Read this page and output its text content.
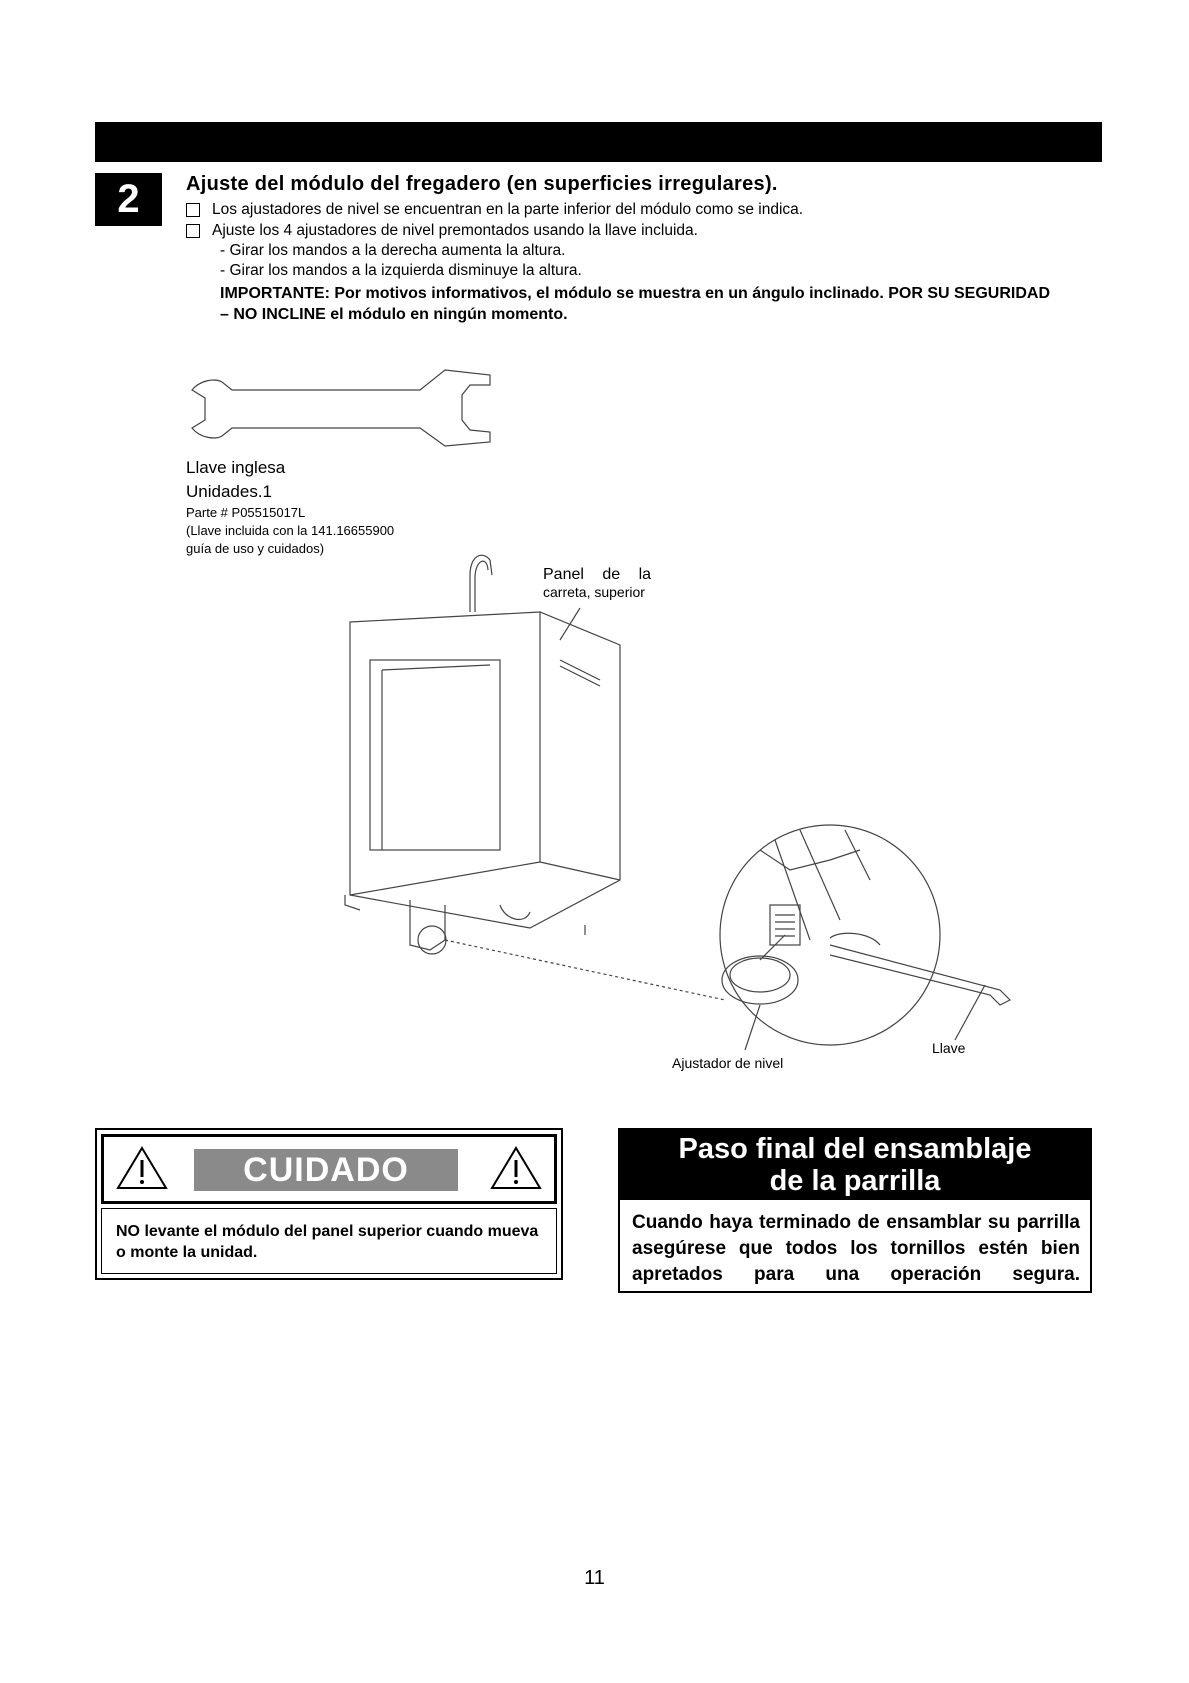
2	Ajuste del módulo del fregadero (en superficies irregulares).
Los ajustadores de nivel se encuentran en la parte inferior del módulo como se indica.
Ajuste los 4 ajustadores de nivel premontados usando la llave incluida.
- Girar los mandos a la derecha aumenta la altura.
- Girar los mandos a la izquierda disminuye la altura.
IMPORTANTE: Por motivos informativos, el módulo se muestra en un ángulo inclinado. POR SU SEGURIDAD – NO INCLINE el módulo en ningún momento.
Llave inglesa
Unidades.1
Parte # P05515017L
(Llave incluida con la 141.16655900
guía de uso y cuidados)
Panel de la
carreta, superior
Ajustador de nivel
Llave
CUIDADO
NO levante el módulo del panel superior cuando mueva o monte la unidad.
Paso final del ensamblaje
de la parrilla
Cuando haya terminado de ensamblar su parrilla asegúrese que todos los tornillos estén bien apretados para una operación segura.
11
